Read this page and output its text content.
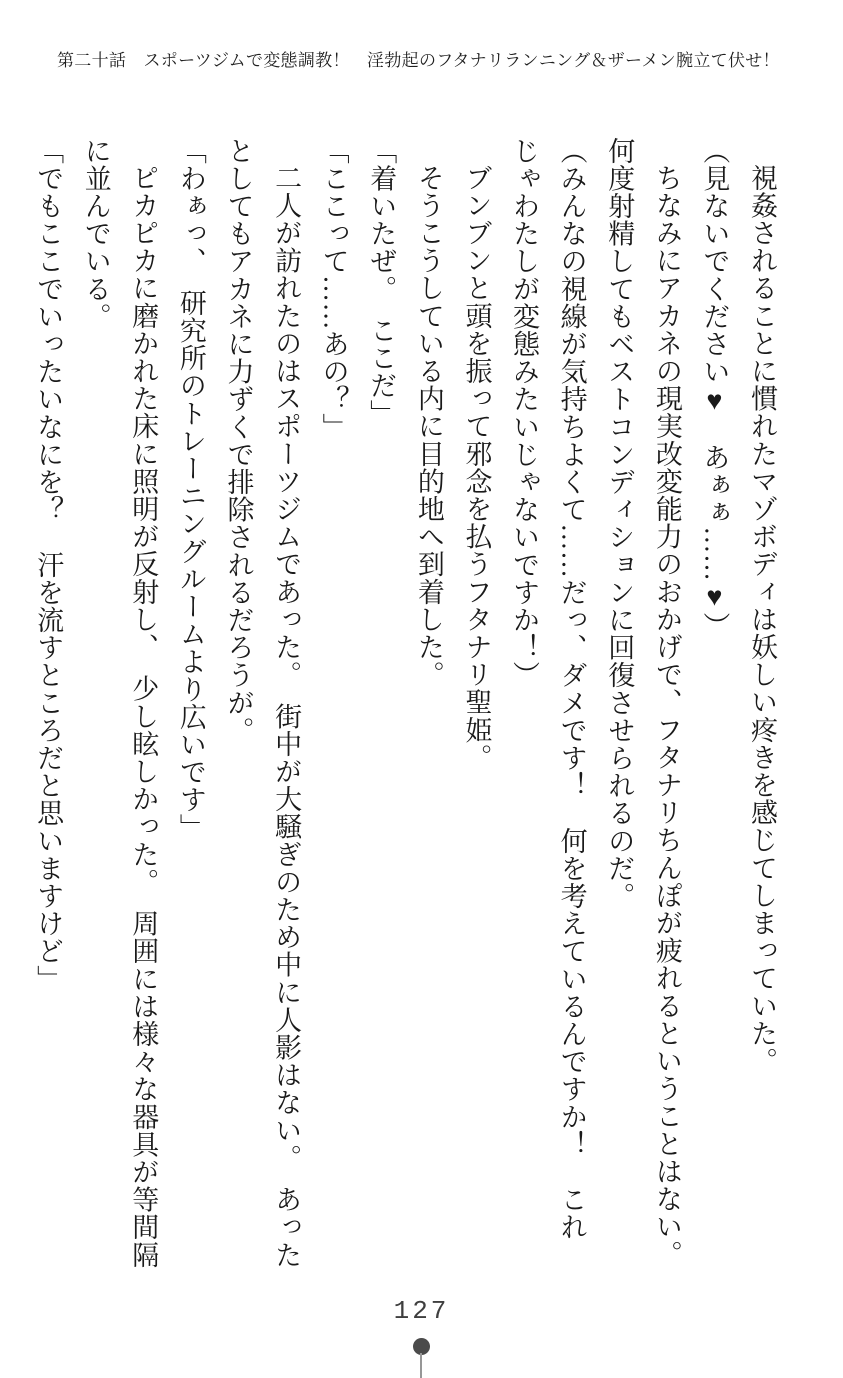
第二十話　スポーツジムで変態調教！　淫勃起のフタナリランニング＆ザーメン腕立て伏せ！
視姦されることに慣れたマゾボディは妖しい疼きを感じてしまっていた。
（見ないでください♥　あぁぁ……♥）
ちなみにアカネの現実改変能力のおかげで、フタナリちんぽが疲れるということはない。
何度射精してもベストコンディションに回復させられるのだ。
（みんなの視線が気持ちよくて……だっ、ダメです！　何を考えているんですか！　これ
じゃわたしが変態みたいじゃないですか！）
ブンブンと頭を振って邪念を払うフタナリ聖姫。
そうこうしている内に目的地へ到着した。
「着いたぜ。　ここだ」
「ここって……あの？」
二人が訪れたのはスポーツジムであった。　街中が大騒ぎのため中に人影はない。　あった
としてもアカネに力ずくで排除されるだろうが。
「わぁっ、　研究所のトレーニングルームより広いです」
ピカピカに磨かれた床に照明が反射し、　少し眩しかった。　周囲には様々な器具が等間隔
に並んでいる。
「でもここでいったいなにを？　汗を流すところだと思いますけど」
127
